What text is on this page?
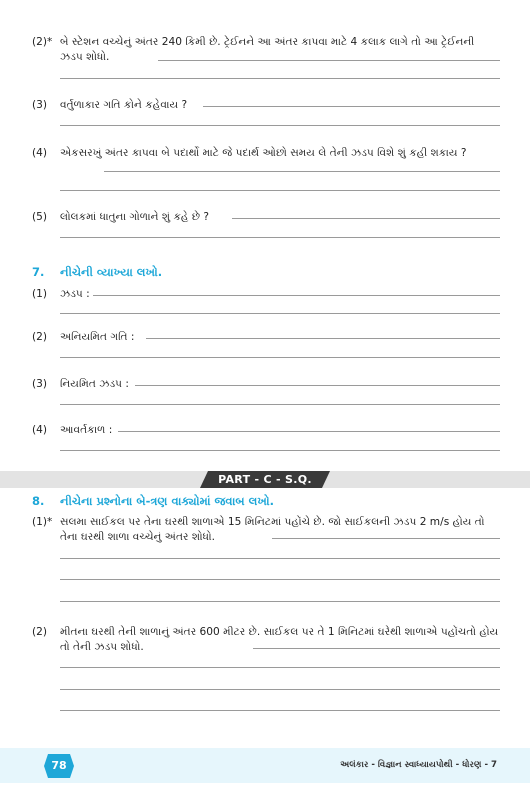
(2)* બે સ્ટેશન વચ્ચેનું અંતર 240 કિમી છે. ટ્રેઈનને આ અંતર કાપવા માટે 4 કલાક લાગે તો આ ટ્રેઈનની ઝડપ શોધો.
(3)	વર્તુળાકાર ગતિ કોને કહેવાય ?
(4)	એકસરખું અંતર કાપવા બે પદાર્થો માટે જે પદાર્થ ઓછો સમય લે તેની ઝડપ વિશે શું કહી શકાય ?
(5)	લોલકમાં ધાતુના ગોળાને શું કહે છે ?
7. નીચેની વ્યાખ્યા લખો.
(1)	ઝડપ :
(2)	અનિયમિત ગતિ :
(3)	નિયમિત ઝડપ :
(4)	આવર્તકાળ :
PART - C - S.Q.
8. નીચેના પ્રશ્નોના બે-ત્રણ વાક્યોમાં જવાબ લખો.
(1)* સલમા સાઈકલ પર તેના ઘરથી શાળાએ 15 મિનિટમાં પહોંચે છે. જો સાઈકલની ઝડપ 2 m/s હોય તો તેના ઘરથી શાળા વચ્ચેનું અંતર શોધો.
(2)	મીતના ઘરથી તેની શાળાનું અંતર 600 મીટર છે. સાઈકલ પર તે 1 મિનિટમાં ઘરેથી શાળાએ પહોંચતો હોય તો તેની ઝડપ શોધો.
78	અલંકાર - વિજ્ઞાન સ્વાધ્યાયપોથી - ધોરણ - 7
